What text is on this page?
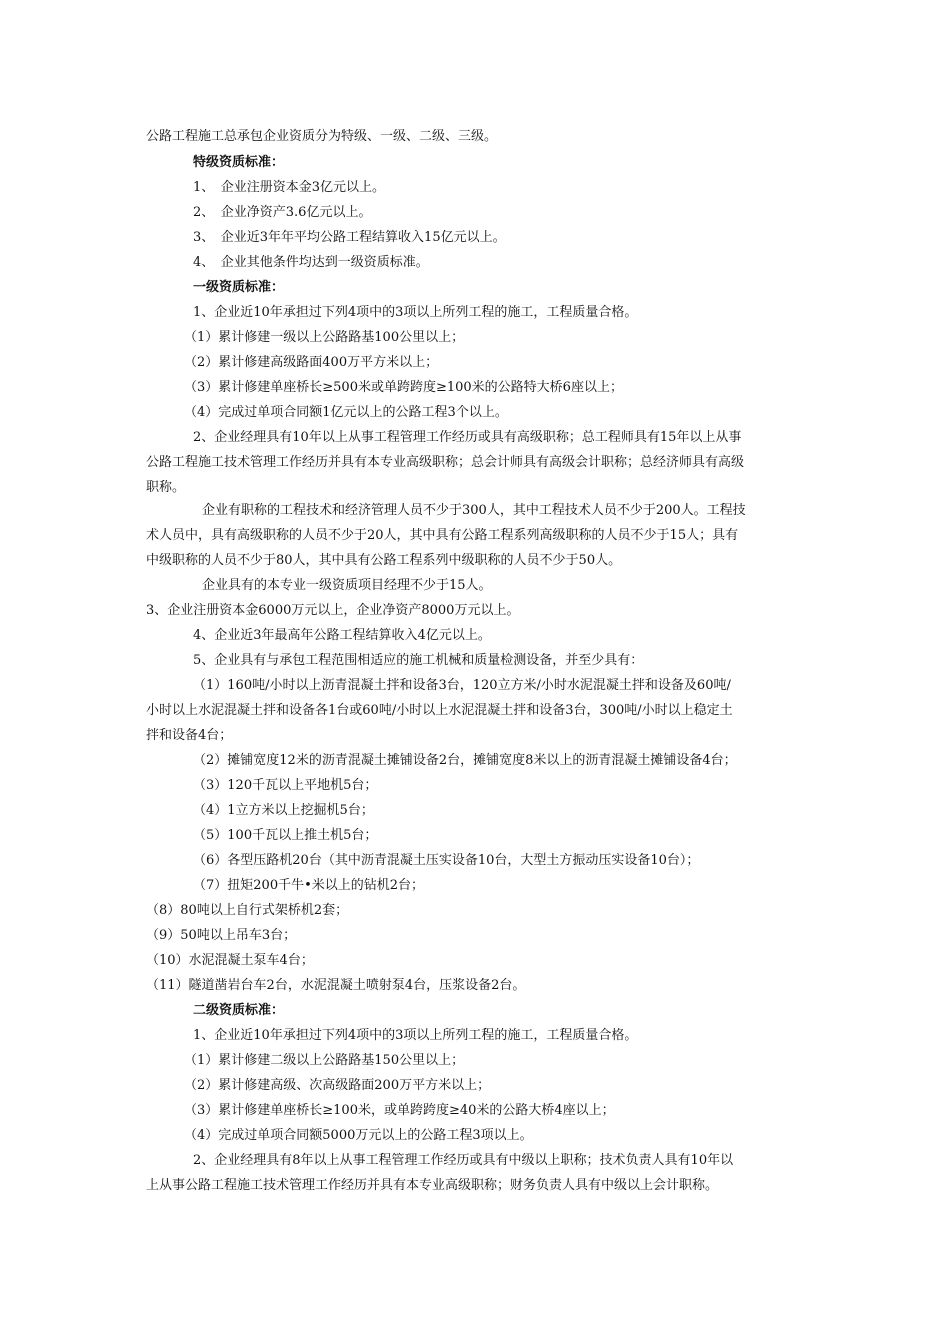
公路工程施工总承包企业资质分为特级、一级、二级、三级。
特级资质标准：
1、　企业注册资本金3亿元以上。
2、　企业净资产3.6亿元以上。
3、　企业近3年年平均公路工程结算收入15亿元以上。
4、　企业其他条件均达到一级资质标准。
一级资质标准：
1、企业近10年承担过下列4项中的3项以上所列工程的施工，工程质量合格。
（1）累计修建一级以上公路路基100公里以上；
（2）累计修建高级路面400万平方米以上；
（3）累计修建单座桥长≥500米或单跨跨度≥100米的公路特大桥6座以上；
（4）完成过单项合同额1亿元以上的公路工程3个以上。
2、企业经理具有10年以上从事工程管理工作经历或具有高级职称；总工程师具有15年以上从事
公路工程施工技术管理工作经历并具有本专业高级职称；总会计师具有高级会计职称；总经济师具有高级
职称。
企业有职称的工程技术和经济管理人员不少于300人，其中工程技术人员不少于200人。工程技
术人员中，具有高级职称的人员不少于20人，其中具有公路工程系列高级职称的人员不少于15人；具有
中级职称的人员不少于80人，其中具有公路工程系列中级职称的人员不少于50人。
企业具有的本专业一级资质项目经理不少于15人。
3、企业注册资本金6000万元以上，企业净资产8000万元以上。
4、企业近3年最高年公路工程结算收入4亿元以上。
5、企业具有与承包工程范围相适应的施工机械和质量检测设备，并至少具有：
（1）160吨/小时以上沥青混凝土拌和设备3台，120立方米/小时水泥混凝土拌和设备及60吨/
小时以上水泥混凝土拌和设备各1台或60吨/小时以上水泥混凝土拌和设备3台，300吨/小时以上稳定土
拌和设备4台；
（2）摊铺宽度12米的沥青混凝土摊铺设备2台，摊铺宽度8米以上的沥青混凝土摊铺设备4台；
（3）120千瓦以上平地机5台；
（4）1立方米以上挖掘机5台；
（5）100千瓦以上推土机5台；
（6）各型压路机20台（其中沥青混凝土压实设备10台，大型土方振动压实设备10台）；
（7）扭矩200千牛•米以上的钻机2台；
（8）80吨以上自行式架桥机2套；
（9）50吨以上吊车3台；
（10）水泥混凝土泵车4台；
（11）隧道凿岩台车2台，水泥混凝土喷射泵4台，压浆设备2台。
二级资质标准：
1、企业近10年承担过下列4项中的3项以上所列工程的施工，工程质量合格。
（1）累计修建二级以上公路路基150公里以上；
（2）累计修建高级、次高级路面200万平方米以上；
（3）累计修建单座桥长≥100米，或单跨跨度≥40米的公路大桥4座以上；
（4）完成过单项合同额5000万元以上的公路工程3项以上。
2、企业经理具有8年以上从事工程管理工作经历或具有中级以上职称；技术负责人具有10年以
上从事公路工程施工技术管理工作经历并具有本专业高级职称；财务负责人具有中级以上会计职称。
